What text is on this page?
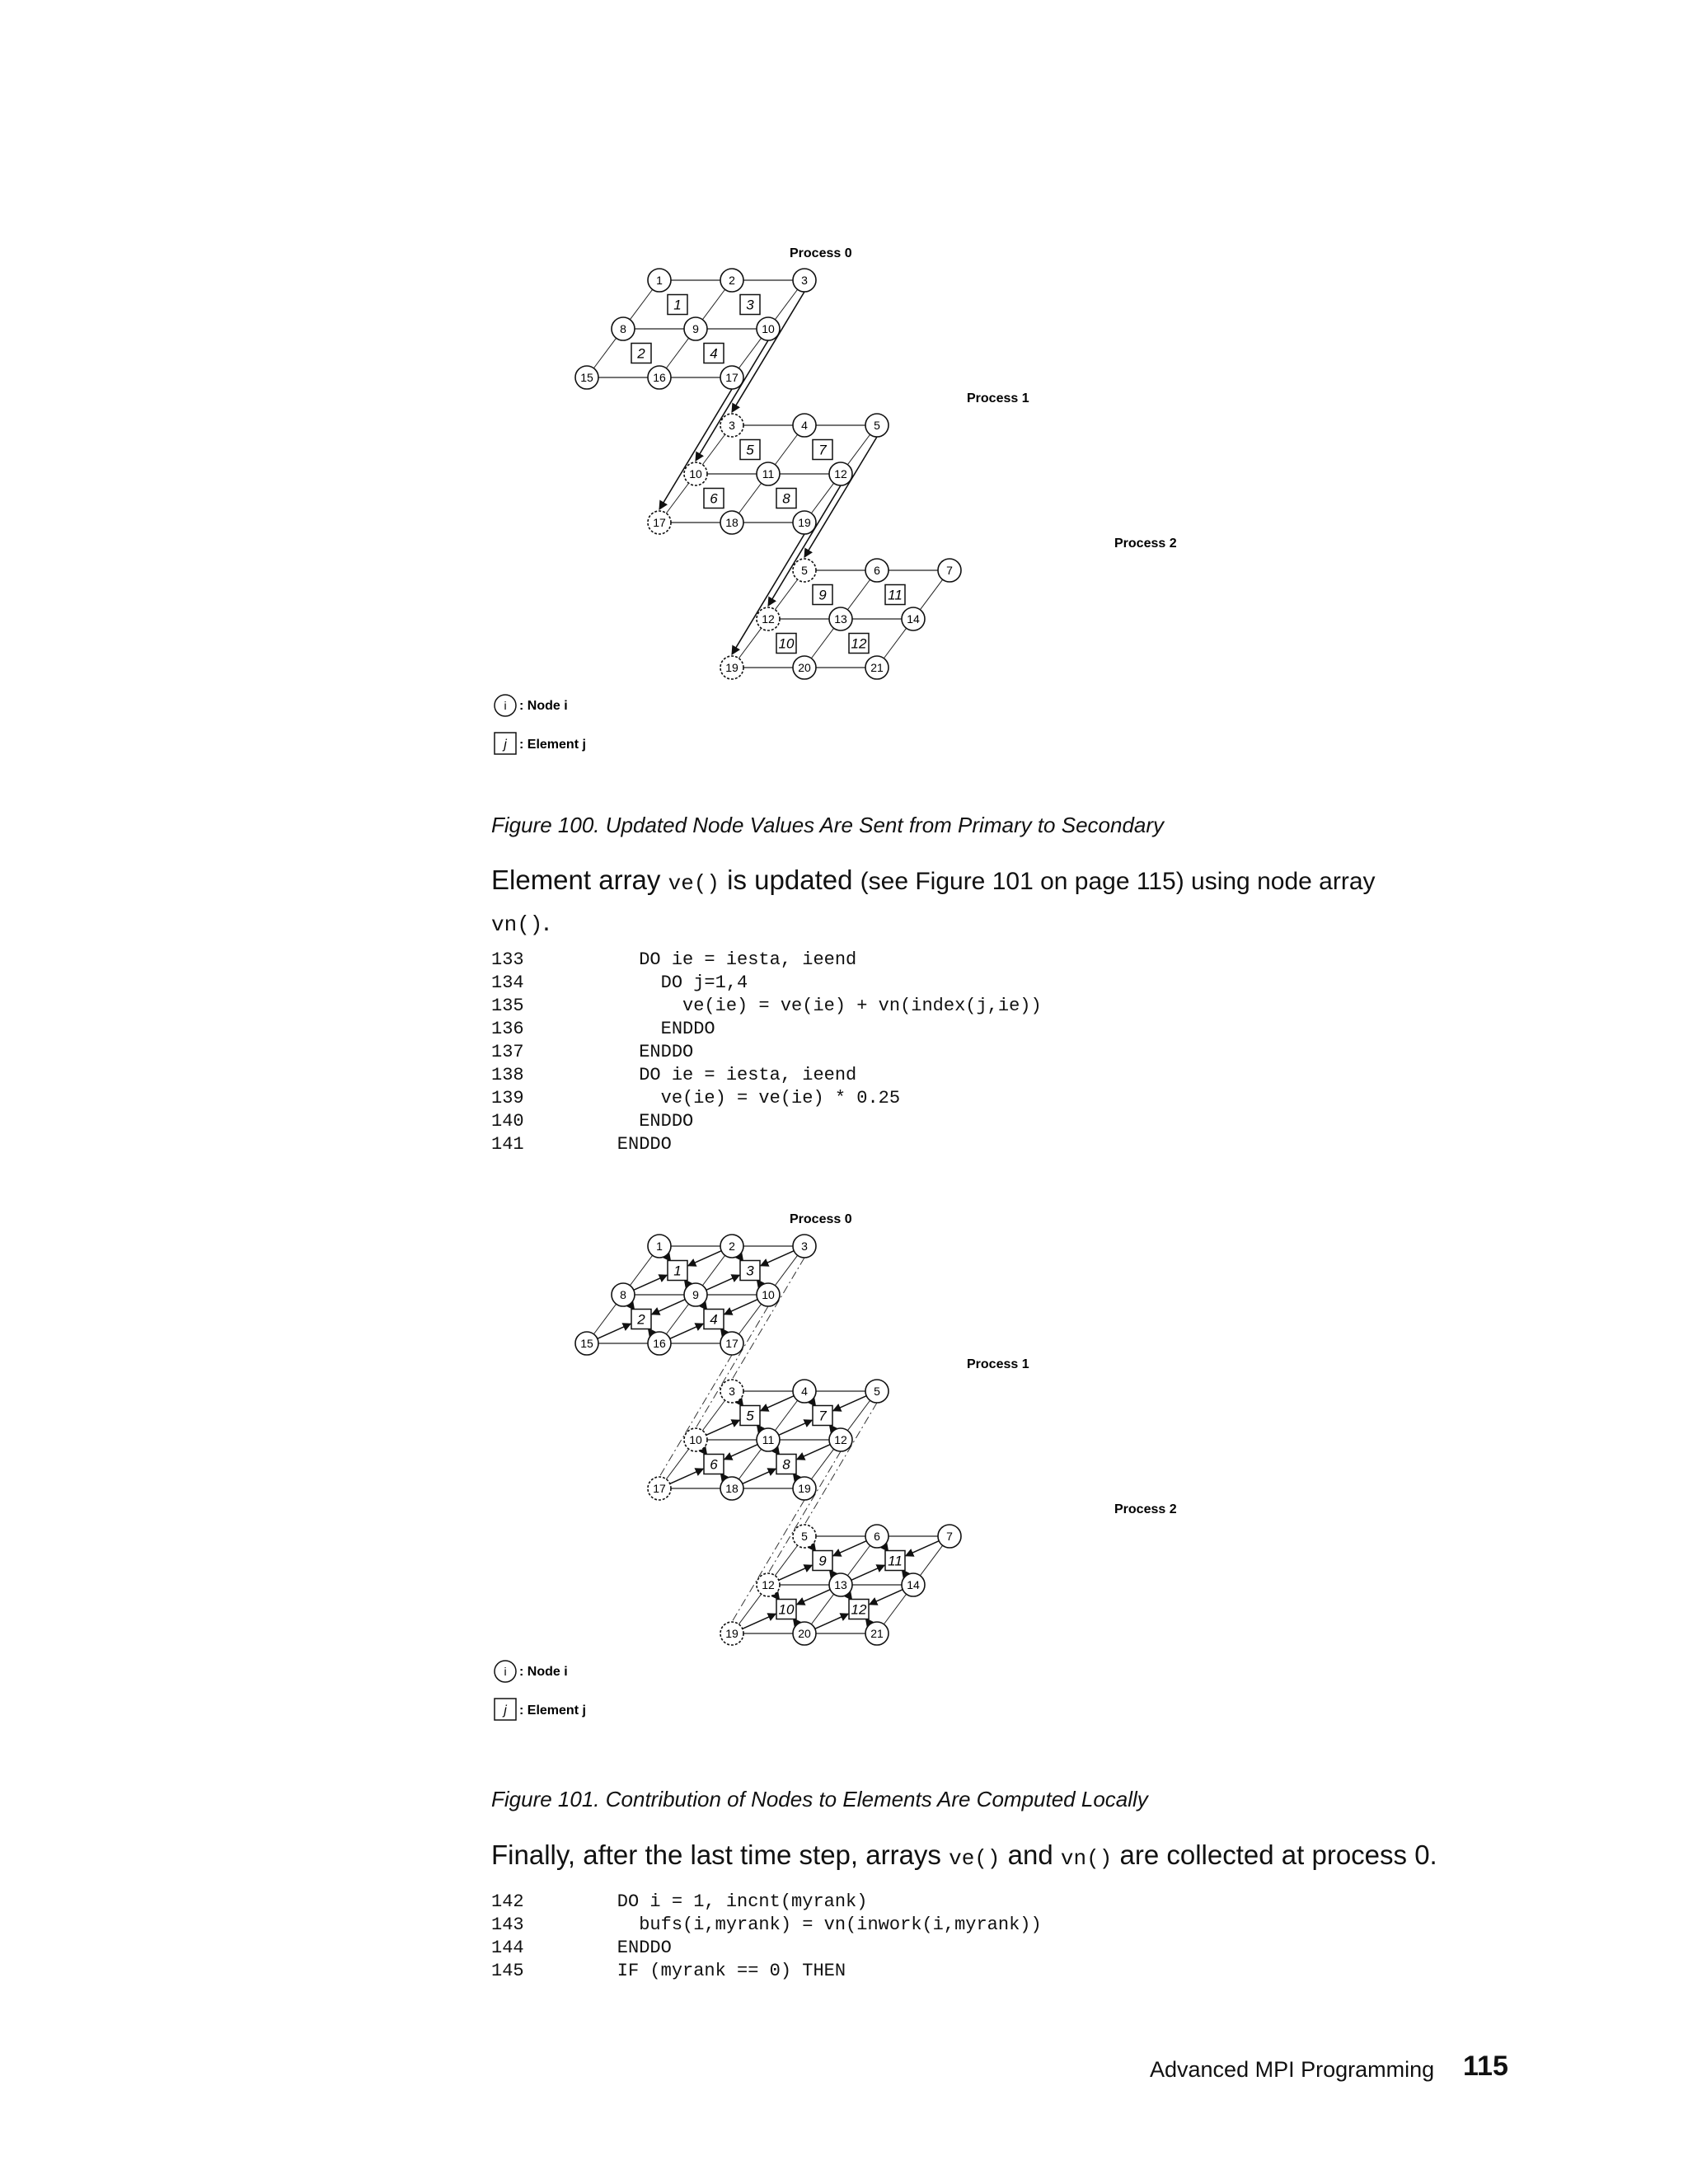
1	3
2	4
5	7
6	8
9	11
10	12
1	2	3
8	9	10
15	16	17
3	4	5
10	11	12
17	18	19
5	6	7
12	13	14
19	20	21
Process 0
Process 1
Process 2
i : Node i
j : Element j

Figure 100. Updated Node Values Are Sent from Primary to Secondary

Element array ve() is updated (see Figure 101 on page 115) using node array
vn().

133	DO ie = iesta, ieend
134	DO j=1,4
135	ve(ie) = ve(ie) + vn(index(j,ie))
136	ENDDO
137	ENDDO
138	DO ie = iesta, ieend
139	ve(ie) = ve(ie) * 0.25
140	ENDDO
141	ENDDO
1	3
2	4
5	7
6	8
9	11
10	12
1	2	3
8	9	10
15	16	17
3	4	5
10	11	12
17	18	19
5	6	7
12	13	14
19	20	21
Process 0
Process 1
Process 2
i : Node i
j : Element j

Figure 101. Contribution of Nodes to Elements Are Computed Locally

Finally, after the last time step, arrays ve() and vn() are collected at process 0.

142	DO i = 1, incnt(myrank)
143	bufs(i,myrank) = vn(inwork(i,myrank))
144	ENDDO
145	IF (myrank == 0) THEN
Advanced MPI Programming 115
